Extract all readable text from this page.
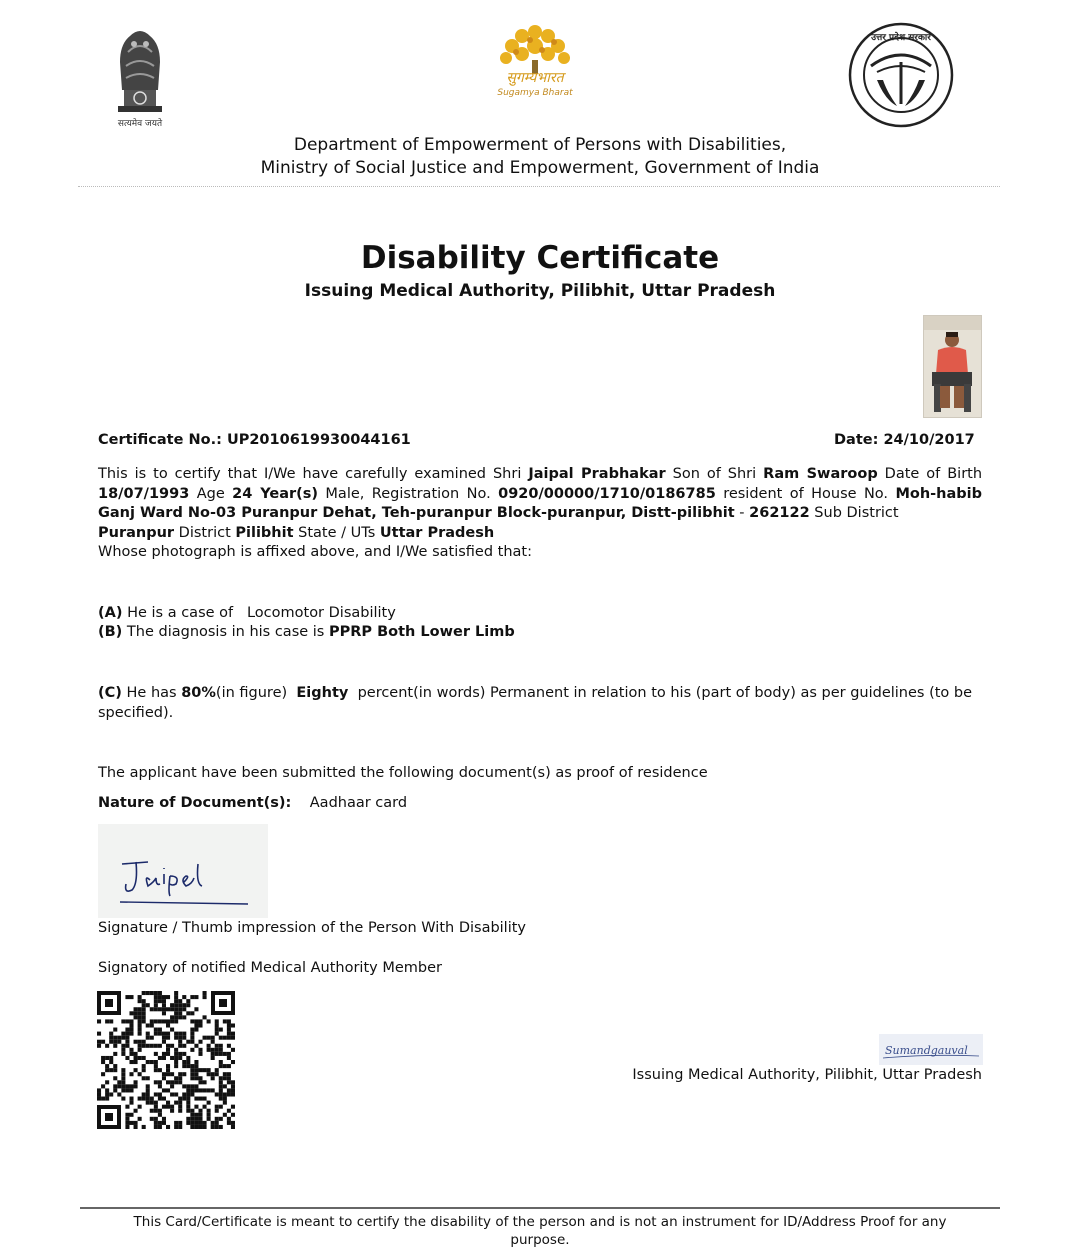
सत्यमेव जयते
सुगम्यभारत
Sugamya Bharat
उत्तर प्रदेश सरकार
Department of Empowerment of Persons with Disabilities,
Ministry of Social Justice and Empowerment, Government of India
Disability Certificate
Issuing Medical Authority, Pilibhit, Uttar Pradesh
Certificate No.: UP2010619930044161	Date: 24/10/2017
This is to certify that I/We have carefully examined Shri Jaipal Prabhakar Son of Shri Ram Swaroop Date of Birth 18/07/1993 Age 24 Year(s) Male, Registration No. 0920/00000/1710/0186785 resident of House No. Moh-habib Ganj Ward No-03 Puranpur Dehat, Teh-puranpur Block-puranpur, Distt-pilibhit - 262122 Sub District
Puranpur District Pilibhit State / UTs Uttar Pradesh
Whose photograph is affixed above, and I/We satisfied that:
(A) He is a case of Locomotor Disability
(B) The diagnosis in his case is PPRP Both Lower Limb
(C) He has 80%(in figure) Eighty percent(in words) Permanent in relation to his (part of body) as per guidelines (to be specified).
The applicant have been submitted the following document(s) as proof of residence
Nature of Document(s): Aadhaar card
Jaipal
Signature / Thumb impression of the Person With Disability
Signatory of notified Medical Authority Member
Sumandgauval
Issuing Medical Authority, Pilibhit, Uttar Pradesh
This Card/Certificate is meant to certify the disability of the person and is not an instrument for ID/Address Proof for any purpose.
